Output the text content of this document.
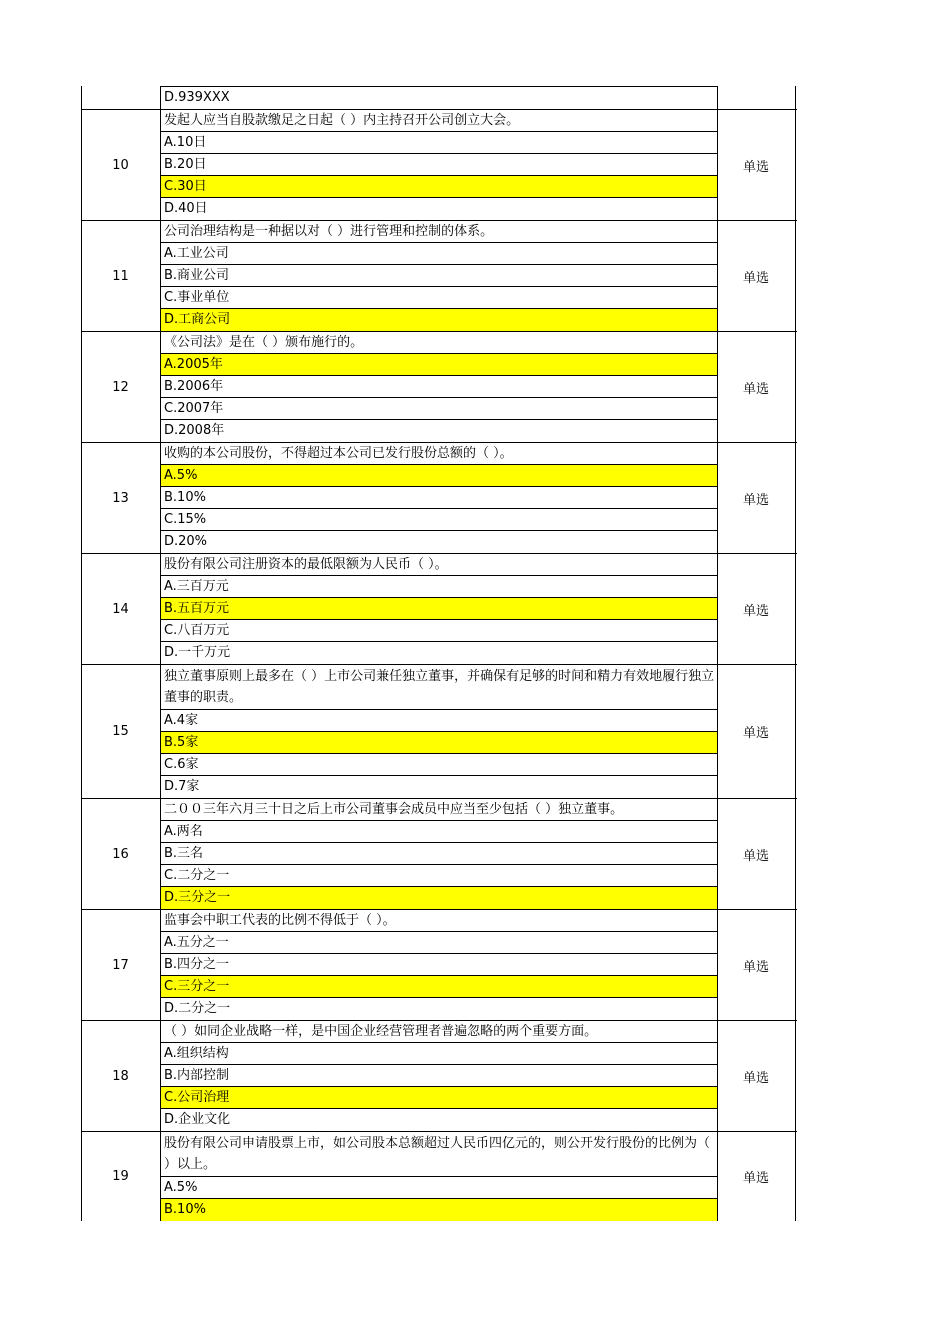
D.939XXX
10	单选
发起人应当自股款缴足之日起（ ）内主持召开公司创立大会。
A.10日
B.20日
C.30日
D.40日
11	单选
公司治理结构是一种据以对（ ）进行管理和控制的体系。
A.工业公司
B.商业公司
C.事业单位
D.工商公司
12	单选
《公司法》是在（ ）颁布施行的。
A.2005年
B.2006年
C.2007年
D.2008年
13	单选
收购的本公司股份，不得超过本公司已发行股份总额的（ ）。
A.5%
B.10%
C.15%
D.20%
14	单选
股份有限公司注册资本的最低限额为人民币（ ）。
A.三百万元
B.五百万元
C.八百万元
D.一千万元
15	单选
独立董事原则上最多在（ ）上市公司兼任独立董事，并确保有足够的时间和精力有效地履行独立董事的职责。
A.4家
B.5家
C.6家
D.7家
16	单选
二００三年六月三十日之后上市公司董事会成员中应当至少包括（ ）独立董事。
A.两名
B.三名
C.二分之一
D.三分之一
17	单选
监事会中职工代表的比例不得低于（ ）。
A.五分之一
B.四分之一
C.三分之一
D.二分之一
18	单选
（ ）如同企业战略一样，是中国企业经营管理者普遍忽略的两个重要方面。
A.组织结构
B.内部控制
C.公司治理
D.企业文化
19	单选
股份有限公司申请股票上市，如公司股本总额超过人民币四亿元的，则公开发行股份的比例为（ ）以上。
A.5%
B.10%
